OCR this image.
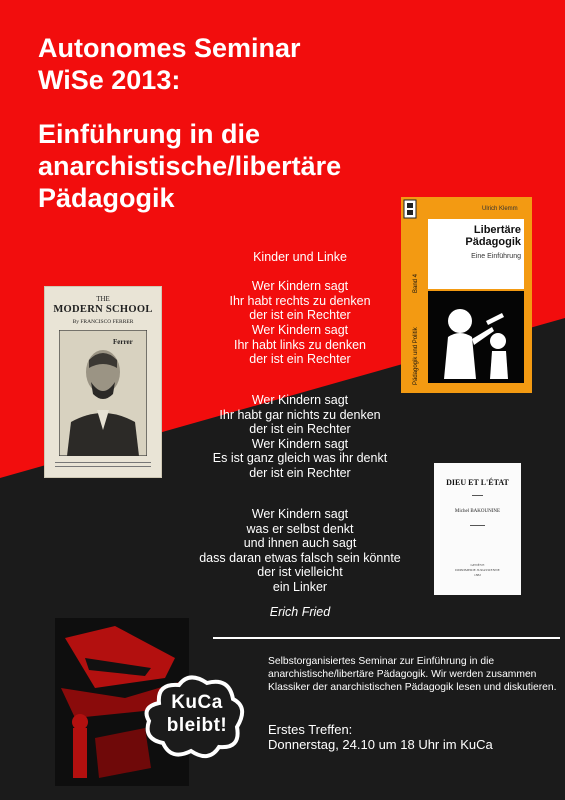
Autonomes Seminar
WiSe 2013:
Einführung in die
anarchistische/libertäre
Pädagogik
Kinder und Linke

Wer Kindern sagt
Ihr habt rechts zu denken
der ist ein Rechter
Wer Kindern sagt
Ihr habt links zu denken
der ist ein Rechter
Wer Kindern sagt
Ihr habt gar nichts zu denken
der ist ein Rechter
Wer Kindern sagt
Es ist ganz gleich was ihr denkt
der ist ein Rechter
Wer Kindern sagt
was er selbst denkt
und ihnen auch sagt
dass daran etwas falsch sein könnte
der ist vielleicht
ein Linker
Erich Fried
THE
MODERN SCHOOL
By FRANCISCO FERRER
Ferrer
Ulrich Klemm
Libertäre
Pädagogik
Eine Einführung
Band 4
Pädagogik und Politik
DIEU ET L'ÉTAT
Michel BAKOUNINE
GENÈVE
IMPRIMERIE JURASSIENNE
1882
KuCa
bleibt!
Selbstorganisiertes Seminar zur Einführung in die anarchistische/libertäre Pädagogik. Wir werden zusammen Klassiker der anarchistischen Pädagogik lesen und diskutieren.
Erstes Treffen:
Donnerstag, 24.10 um 18 Uhr im KuCa
